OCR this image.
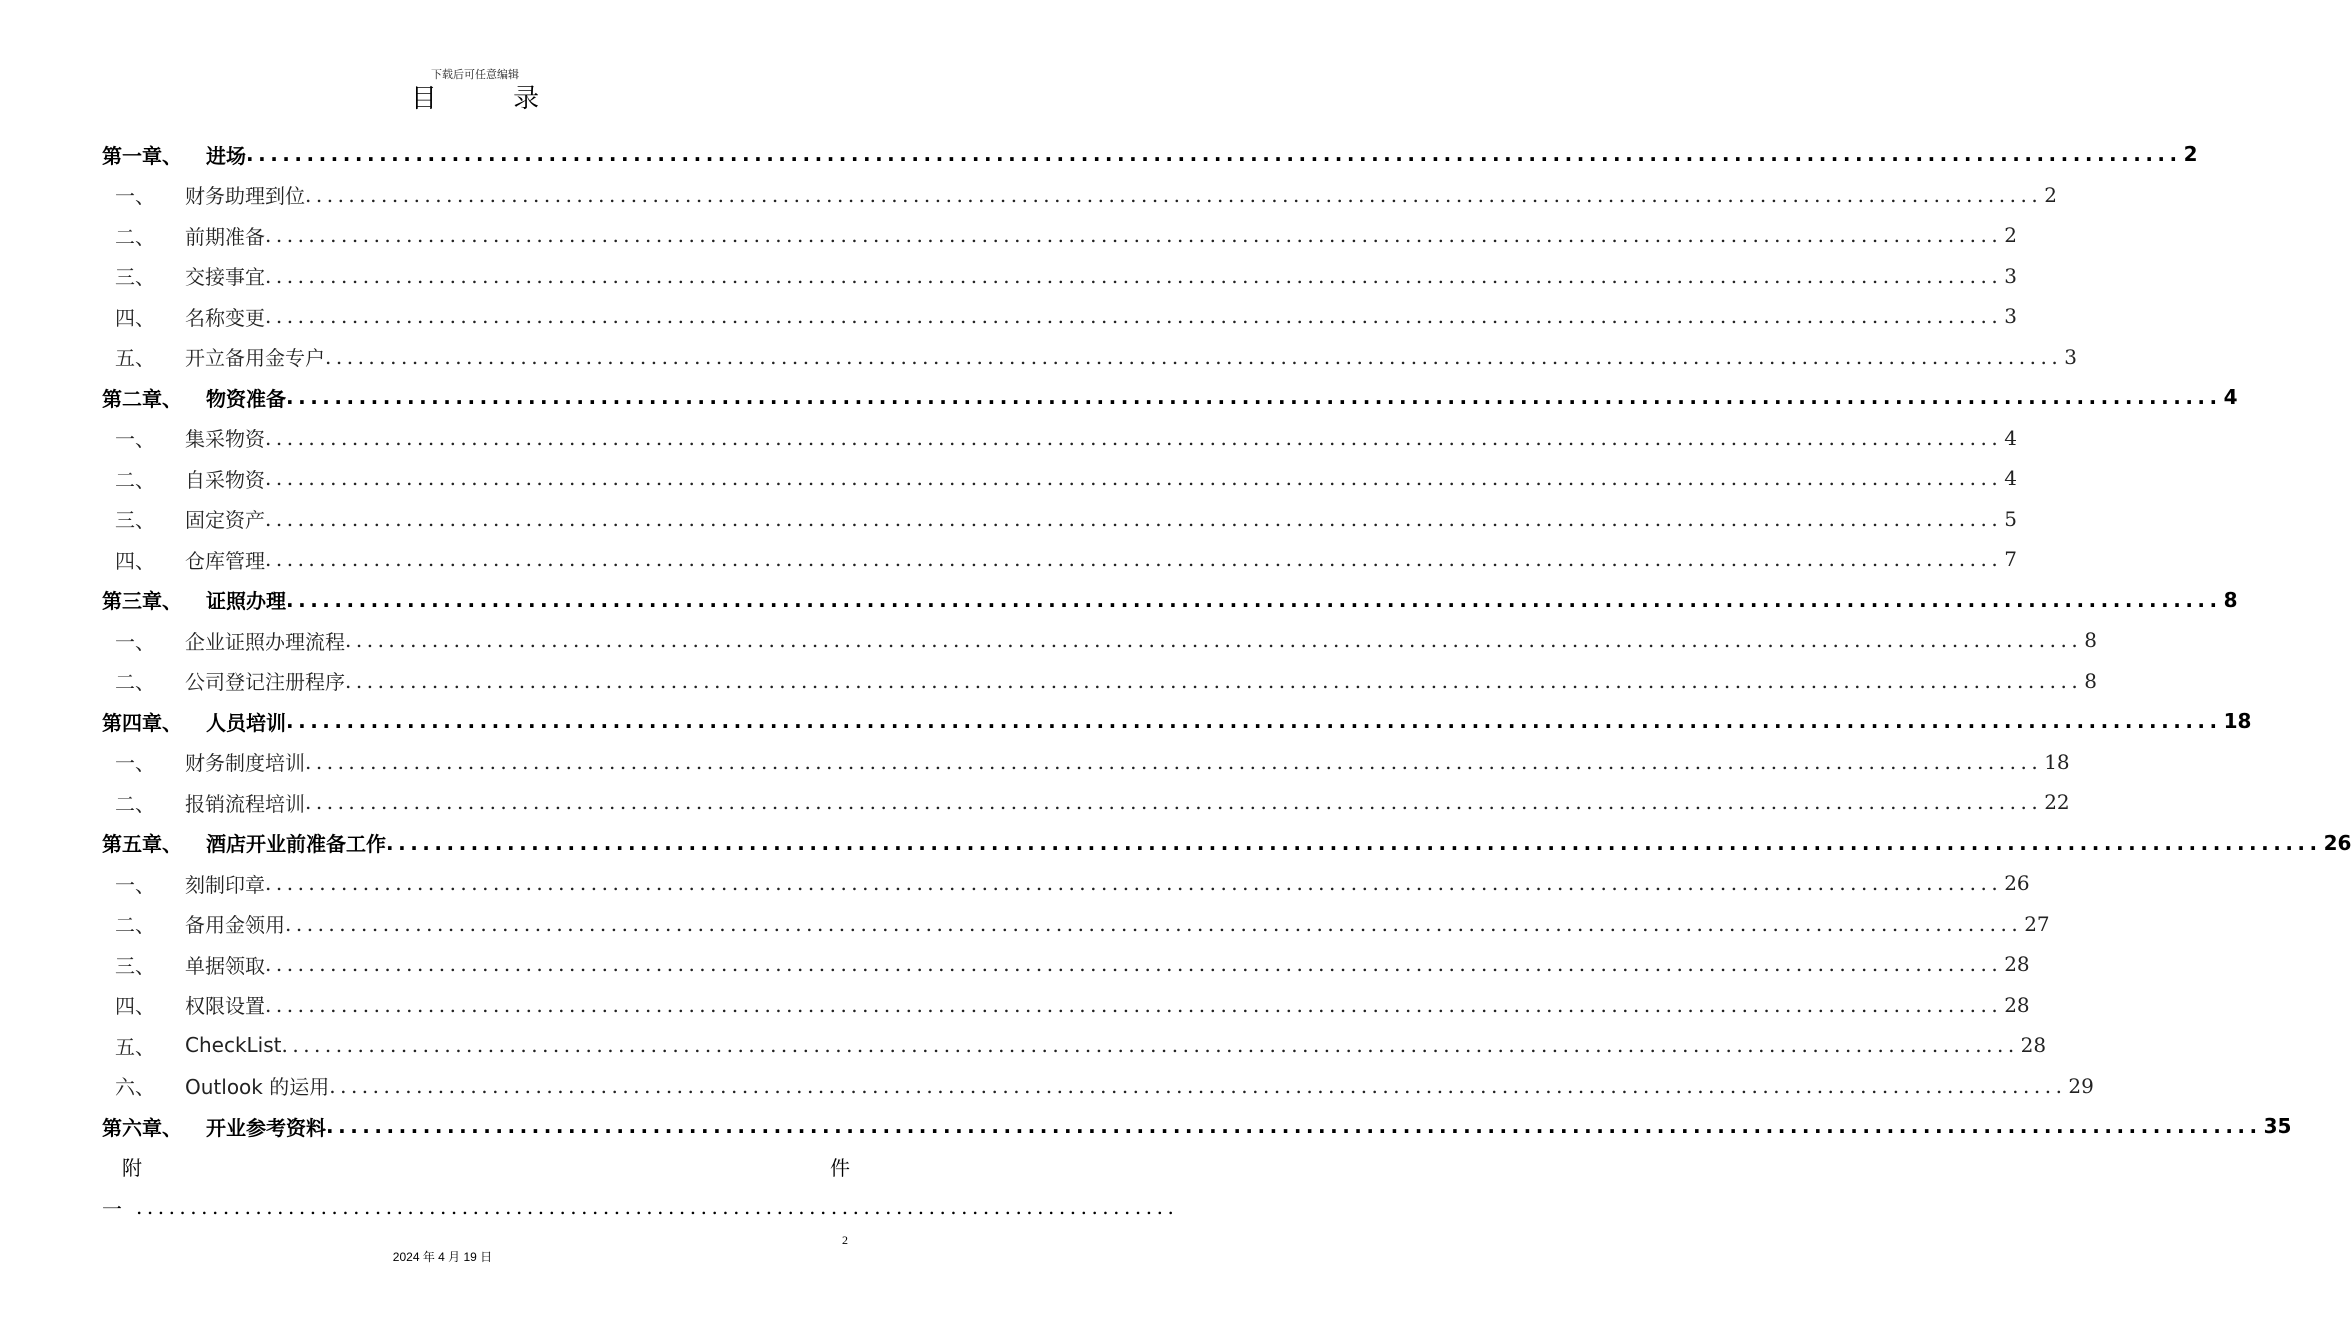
下载后可任意编辑
目 录
第一章、	进场 ................................................................................................................................................................ 2
一、	财务助理到位 ................................................................................................................................................................ 2
二、	前期准备 ................................................................................................................................................................ 2
三、	交接事宜 ................................................................................................................................................................ 3
四、	名称变更 ................................................................................................................................................................ 3
五、	开立备用金专户 ................................................................................................................................................................ 3
第二章、	物资准备 ................................................................................................................................................................ 4
一、	集采物资 ................................................................................................................................................................ 4
二、	自采物资 ................................................................................................................................................................ 4
三、	固定资产 ................................................................................................................................................................ 5
四、	仓库管理 ................................................................................................................................................................ 7
第三章、	证照办理 ................................................................................................................................................................ 8
一、	企业证照办理流程 ................................................................................................................................................................ 8
二、	公司登记注册程序 ................................................................................................................................................................ 8
第四章、	人员培训 ................................................................................................................................................................ 18
一、	财务制度培训 ................................................................................................................................................................ 18
二、	报销流程培训 ................................................................................................................................................................ 22
第五章、	酒店开业前准备工作 ................................................................................................................................................................ 26
一、	刻制印章 ................................................................................................................................................................ 26
二、	备用金领用 ................................................................................................................................................................ 27
三、	单据领取 ................................................................................................................................................................ 28
四、	权限设置 ................................................................................................................................................................ 28
五、	CheckList ................................................................................................................................................................ 28
六、	Outlook 的运用 ................................................................................................................................................................ 29
第六章、	开业参考资料 ................................................................................................................................................................ 35
附	件
一 ................................................................................................
2
2024 年 4 月 19 日
